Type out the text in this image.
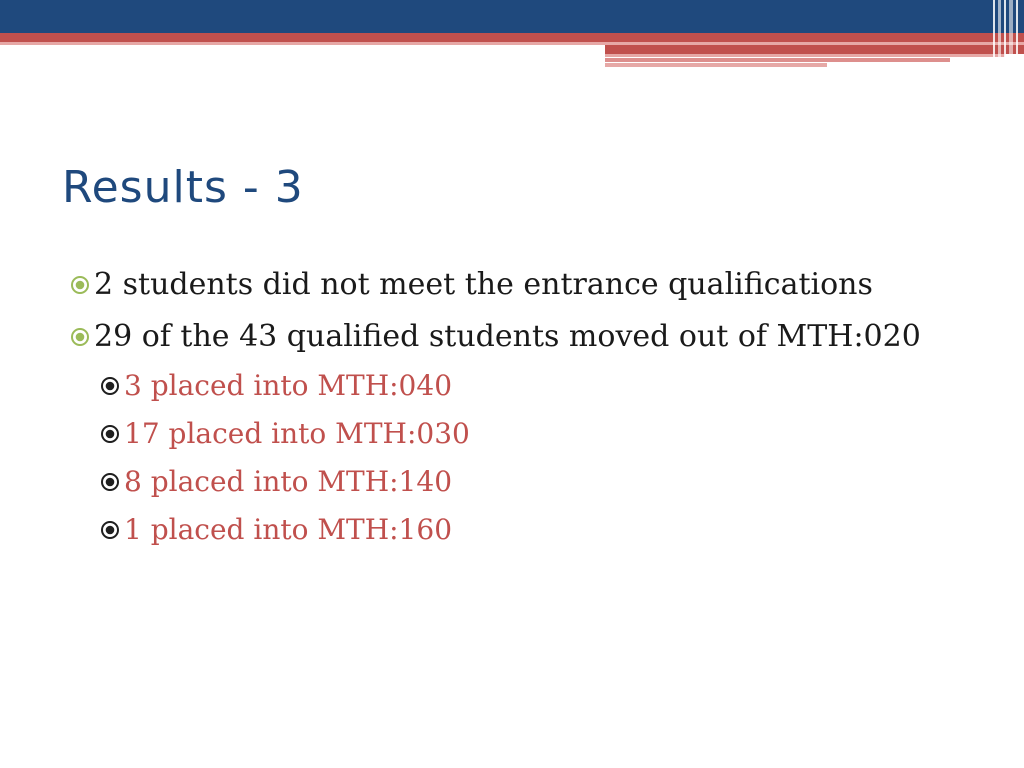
Results - 3
2 students did not meet the entrance qualifications
29 of the 43 qualified students moved out of MTH:020
3 placed into MTH:040
17 placed into MTH:030
8 placed into MTH:140
1 placed into MTH:160
